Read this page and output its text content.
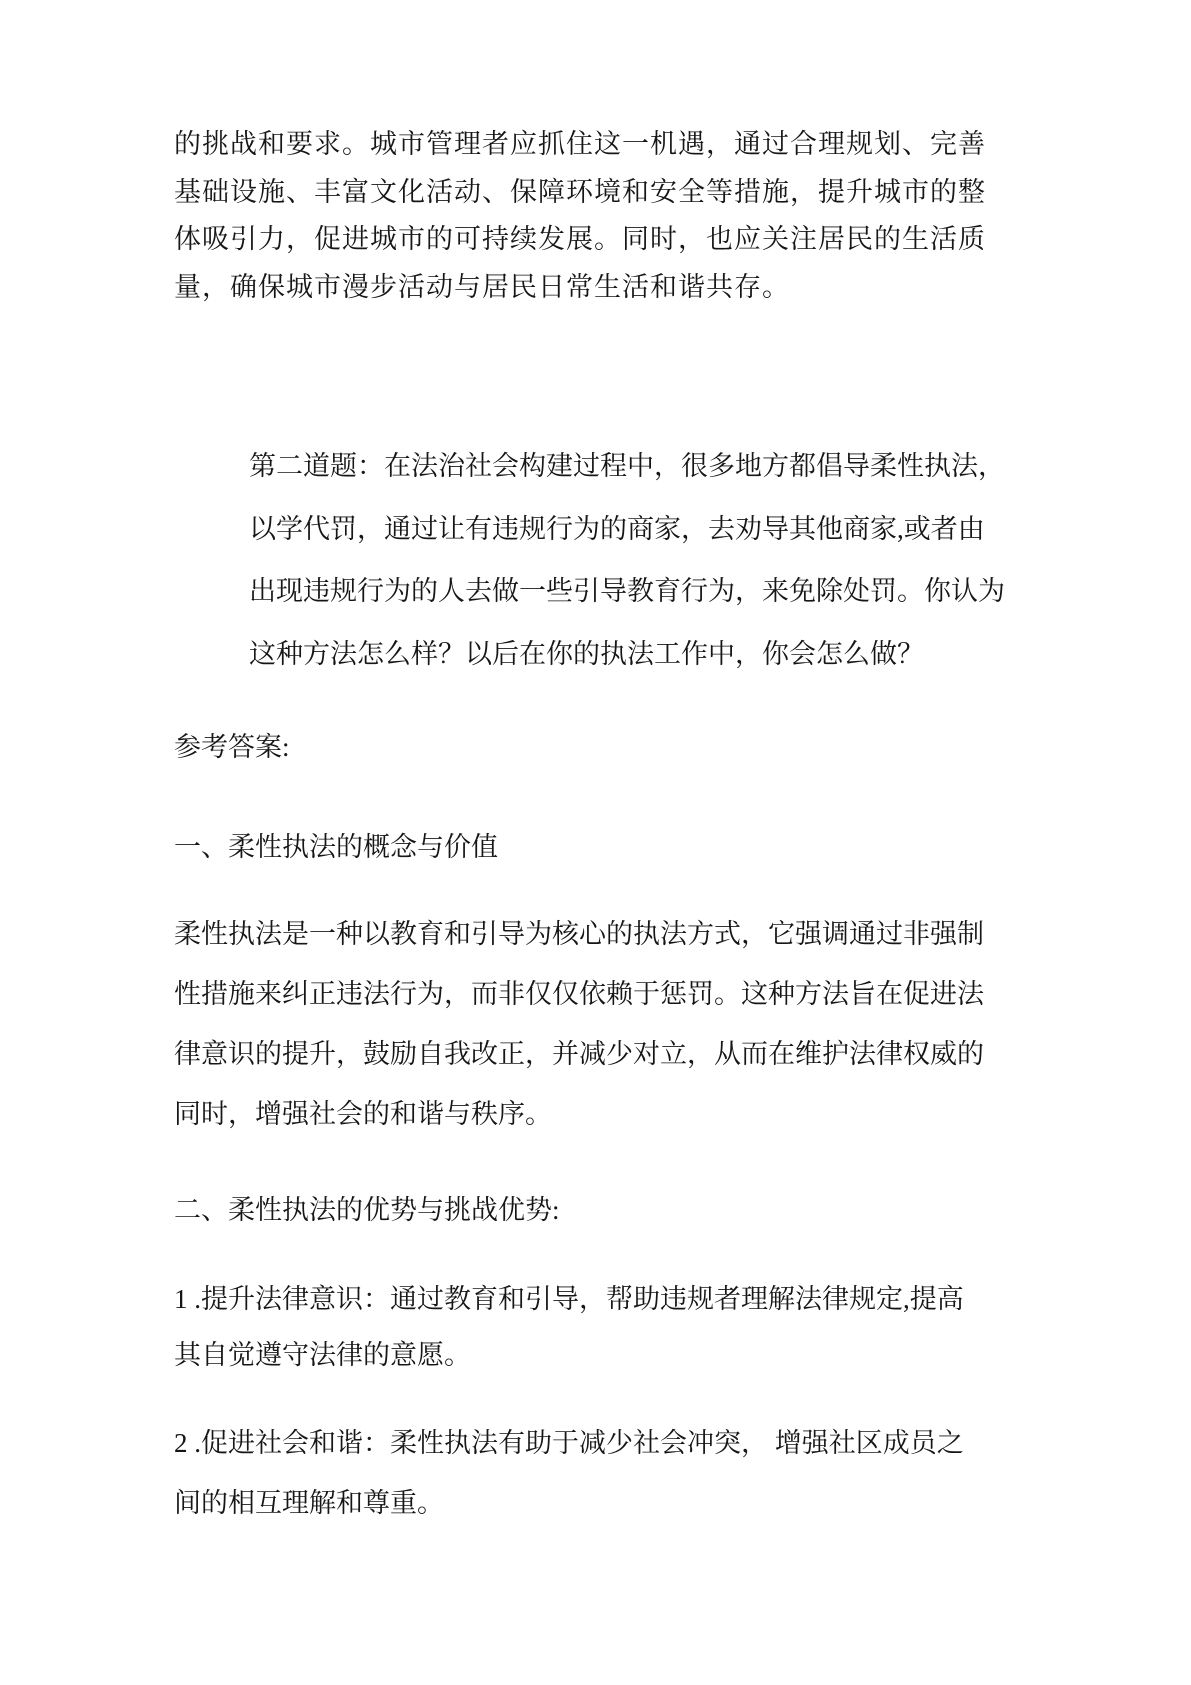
的挑战和要求。城市管理者应抓住这一机遇，通过合理规划、完善
基础设施、丰富文化活动、保障环境和安全等措施，提升城市的整
体吸引力，促进城市的可持续发展。同时，也应关注居民的生活质
量，确保城市漫步活动与居民日常生活和谐共存。
第二道题：在法治社会构建过程中，很多地方都倡导柔性执法，
以学代罚，通过让有违规行为的商家，去劝导其他商家,或者由
出现违规行为的人去做一些引导教育行为，来免除处罚。你认为
这种方法怎么样？以后在你的执法工作中，你会怎么做？
参考答案:
一、柔性执法的概念与价值
柔性执法是一种以教育和引导为核心的执法方式，它强调通过非强制
性措施来纠正违法行为，而非仅仅依赖于惩罚。这种方法旨在促进法
律意识的提升，鼓励自我改正，并减少对立，从而在维护法律权威的
同时，增强社会的和谐与秩序。
二、柔性执法的优势与挑战优势:
1 .提升法律意识：通过教育和引导，帮助违规者理解法律规定,提高
其自觉遵守法律的意愿。
2 .促进社会和谐：柔性执法有助于减少社会冲突， 增强社区成员之
间的相互理解和尊重。
